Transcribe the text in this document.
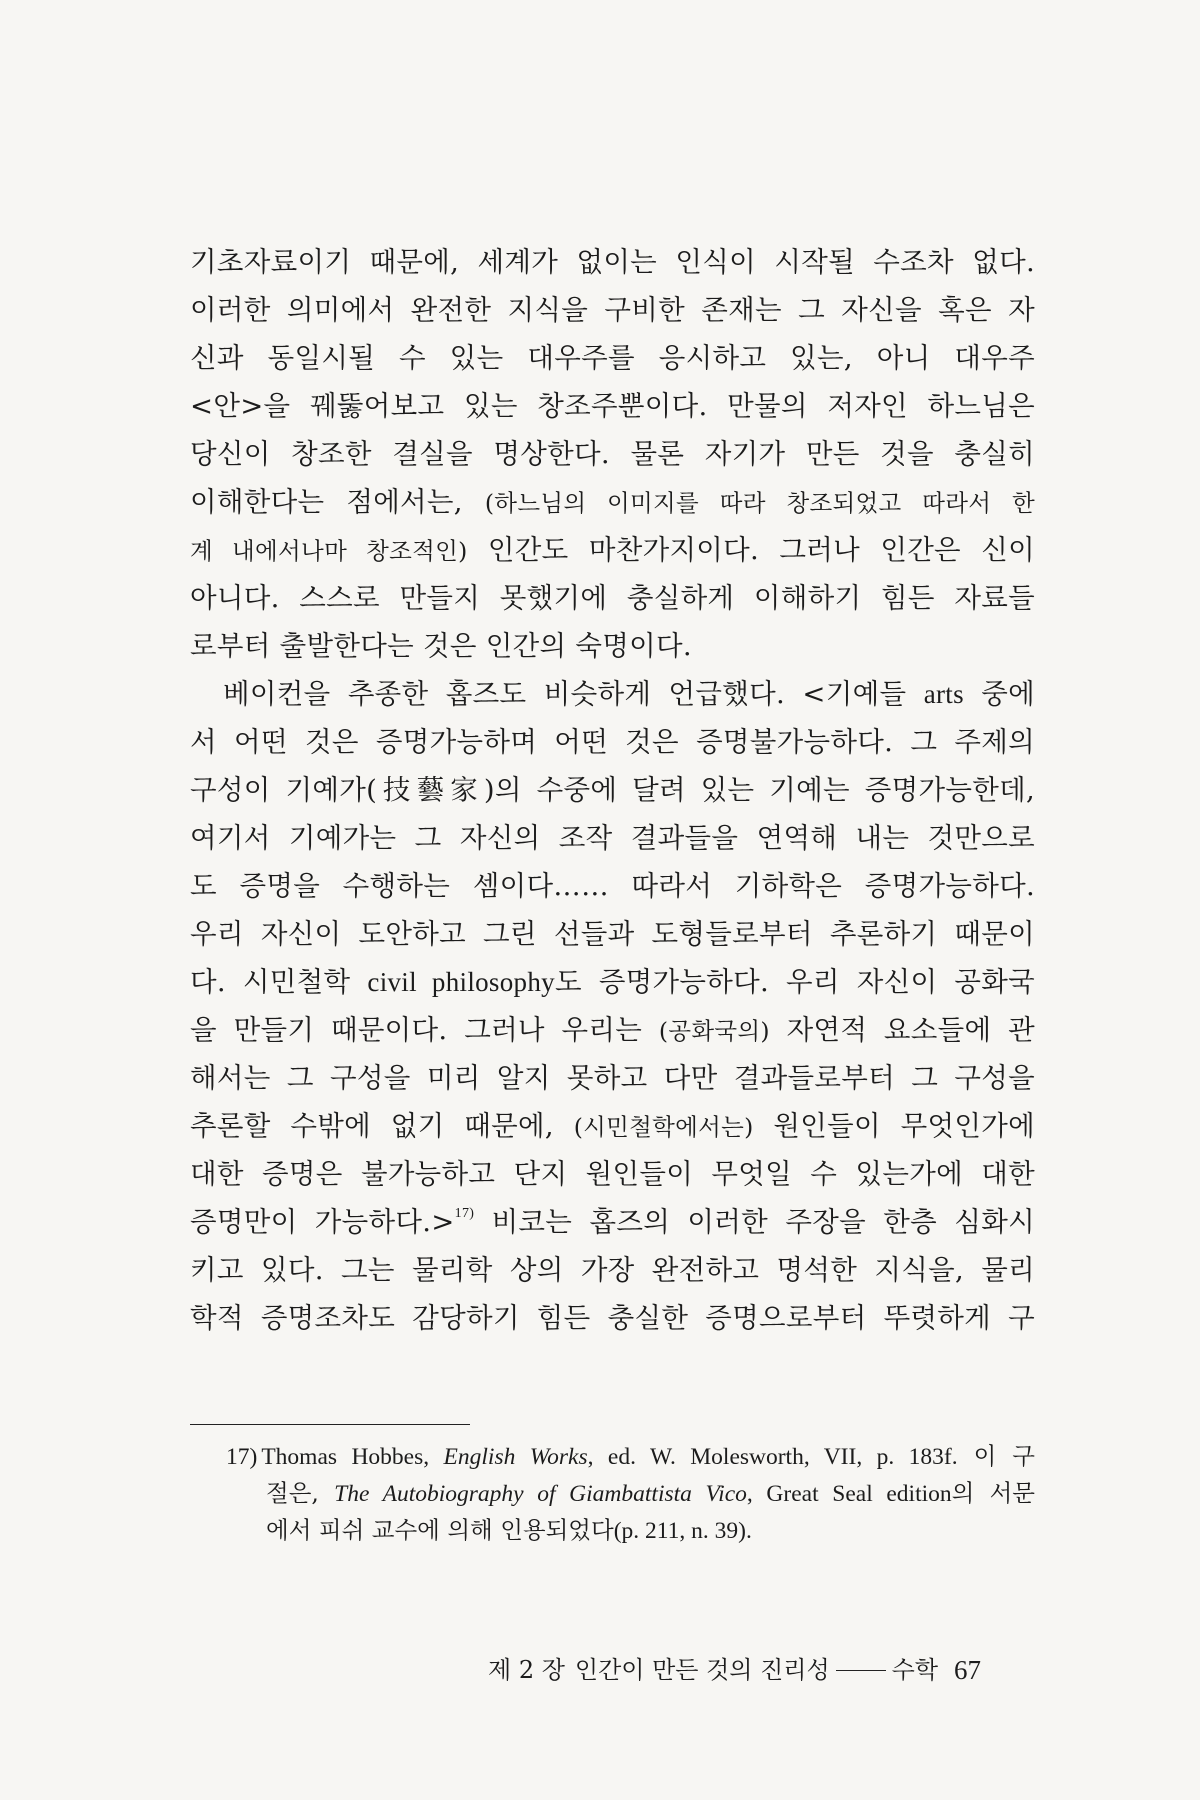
기초자료이기 때문에, 세계가 없이는 인식이 시작될 수조차 없다.
이러한 의미에서 완전한 지식을 구비한 존재는 그 자신을 혹은 자
신과 동일시될 수 있는 대우주를 응시하고 있는, 아니 대우주
<안>을 꿰뚫어보고 있는 창조주뿐이다. 만물의 저자인 하느님은
당신이 창조한 결실을 명상한다. 물론 자기가 만든 것을 충실히
이해한다는 점에서는, (하느님의 이미지를 따라 창조되었고 따라서 한
계 내에서나마 창조적인) 인간도 마찬가지이다. 그러나 인간은 신이
아니다. 스스로 만들지 못했기에 충실하게 이해하기 힘든 자료들
로부터 출발한다는 것은 인간의 숙명이다.
베이컨을 추종한 홉즈도 비슷하게 언급했다. <기예들 arts 중에
서 어떤 것은 증명가능하며 어떤 것은 증명불가능하다. 그 주제의
구성이 기예가(技藝家)의 수중에 달려 있는 기예는 증명가능한데,
여기서 기예가는 그 자신의 조작 결과들을 연역해 내는 것만으로
도 증명을 수행하는 셈이다…… 따라서 기하학은 증명가능하다.
우리 자신이 도안하고 그린 선들과 도형들로부터 추론하기 때문이
다. 시민철학 civil philosophy도 증명가능하다. 우리 자신이 공화국
을 만들기 때문이다. 그러나 우리는 (공화국의) 자연적 요소들에 관
해서는 그 구성을 미리 알지 못하고 다만 결과들로부터 그 구성을
추론할 수밖에 없기 때문에, (시민철학에서는) 원인들이 무엇인가에
대한 증명은 불가능하고 단지 원인들이 무엇일 수 있는가에 대한
증명만이 가능하다.>$^{17)}$ 비코는 홉즈의 이러한 주장을 한층 심화시
키고 있다. 그는 물리학 상의 가장 완전하고 명석한 지식을, 물리
학적 증명조차도 감당하기 힘든 충실한 증명으로부터 뚜렷하게 구
17) Thomas Hobbes, English Works, ed. W. Molesworth, VII, p. 183f. 이 구
절은, The Autobiography of Giambattista Vico, Great Seal edition의 서문
에서 피쉬 교수에 의해 인용되었다(p. 211, n. 39).
제 2 장 인간이 만든 것의 진리성	수학 67
